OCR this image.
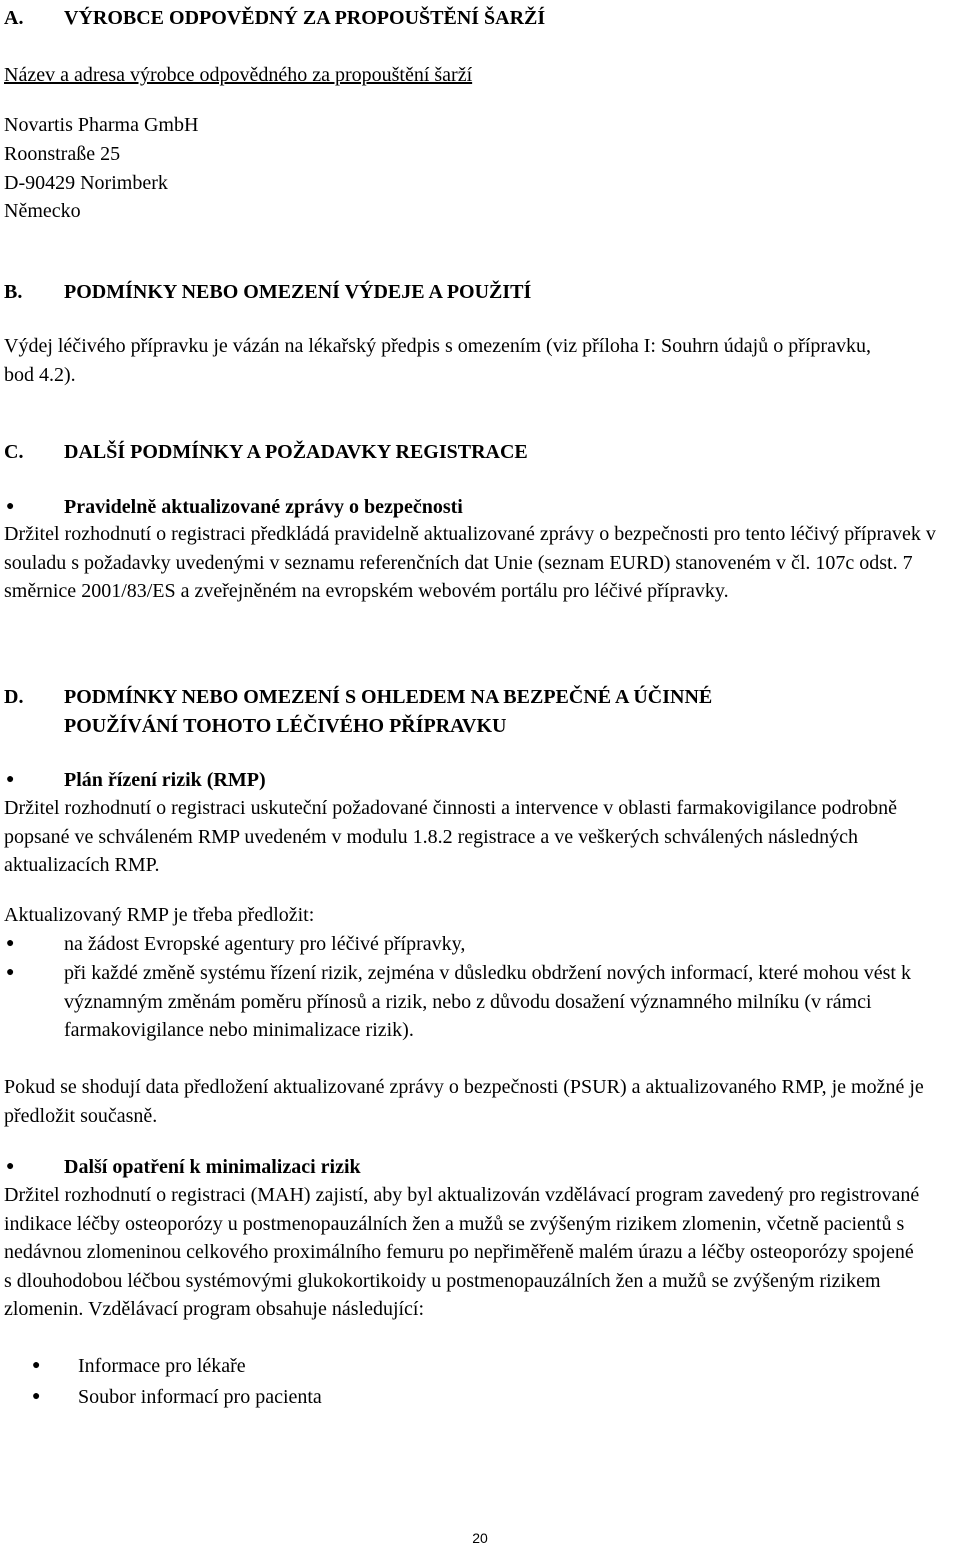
A.	VÝROBCE ODPOVĚDNÝ ZA PROPOUŠTĚNÍ ŠARŽÍ

Název a adresa výrobce odpovědného za propouštění šarží

Novartis Pharma GmbH

Roonstraße 25

D-90429 Norimberk

Německo

B.	PODMÍNKY NEBO OMEZENÍ VÝDEJE A POUŽITÍ

Výdej léčivého přípravku je vázán na lékařský předpis s omezením (viz příloha I: Souhrn údajů o přípravku, bod 4.2).

C.	DALŠÍ PODMÍNKY A POŽADAVKY REGISTRACE
●	Pravidelně aktualizované zprávy o bezpečnosti

Držitel rozhodnutí o registraci předkládá pravidelně aktualizované zprávy o bezpečnosti pro tento léčivý přípravek v souladu s požadavky uvedenými v seznamu referenčních dat Unie (seznam EURD) stanoveném v čl. 107c odst. 7 směrnice 2001/83/ES a zveřejněném na evropském webovém portálu pro léčivé přípravky.

D.	PODMÍNKY NEBO OMEZENÍ S OHLEDEM NA BEZPEČNÉ A ÚČINNÉ
POUŽÍVÁNÍ TOHOTO LÉČIVÉHO PŘÍPRAVKU
●	Plán řízení rizik (RMP)

Držitel rozhodnutí o registraci uskuteční požadované činnosti a intervence v oblasti farmakovigilance podrobně popsané ve schváleném RMP uvedeném v modulu 1.8.2 registrace a ve veškerých schválených následných aktualizacích RMP.

Aktualizovaný RMP je třeba předložit:

●	na žádost Evropské agentury pro léčivé přípravky,
●	při každé změně systému řízení rizik, zejména v důsledku obdržení nových informací, které mohou vést k významným změnám poměru přínosů a rizik, nebo z důvodu dosažení významného milníku (v rámci farmakovigilance nebo minimalizace rizik).

Pokud se shodují data předložení aktualizované zprávy o bezpečnosti (PSUR) a aktualizovaného RMP, je možné je předložit současně.

●	Další opatření k minimalizaci rizik

Držitel rozhodnutí o registraci (MAH) zajistí, aby byl aktualizován vzdělávací program zavedený pro registrované indikace léčby osteoporózy u postmenopauzálních žen a mužů se zvýšeným rizikem zlomenin, včetně pacientů s nedávnou zlomeninou celkového proximálního femuru po nepřiměřeně malém úrazu a léčby osteoporózy spojené s dlouhodobou léčbou systémovými glukokortikoidy u postmenopauzálních žen a mužů se zvýšeným rizikem zlomenin. Vzdělávací program obsahuje následující:

●	Informace pro lékaře
●	Soubor informací pro pacienta
20
